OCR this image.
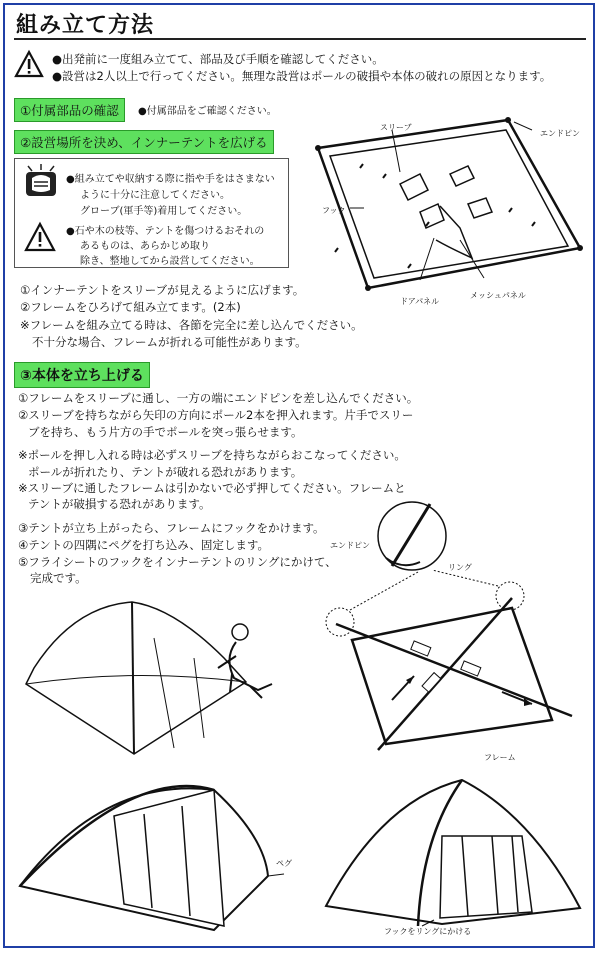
組み立て方法
●出発前に一度組み立てて、部品及び手順を確認してください。
●設営は2人以上で行ってください。無理な設営はポールの破損や本体の破れの原因となります。
①付属部品の確認	●付属部品をご確認ください。
②設営場所を決め、インナーテントを広げる
●組み立てや収納する際に指や手をはさまない
ように十分に注意してください。
グローブ(軍手等)着用してください。
●石や木の枝等、テントを傷つけるおそれの
あるものは、あらかじめ取り
除き、整地してから設営してください。
スリーブ
エンドピン
フック
ドアパネル
メッシュパネル
①インナーテントをスリーブが見えるように広げます。
②フレームをひろげて組み立てます。(2本)
※フレームを組み立てる時は、各節を完全に差し込んでください。
不十分な場合、フレームが折れる可能性があります。
③本体を立ち上げる
①フレームをスリーブに通し、一方の端にエンドピンを差し込んでください。
②スリーブを持ちながら矢印の方向にポール2本を押入れます。片手でスリー
ブを持ち、もう片方の手でポールを突っ張らせます。
※ポールを押し入れる時は必ずスリーブを持ちながらおこなってください。
ポールが折れたり、テントが破れる恐れがあります。
※スリーブに通したフレームは引かないで必ず押してください。フレームと
テントが破損する恐れがあります。
③テントが立ち上がったら、フレームにフックをかけます。
④テントの四隅にペグを打ち込み、固定します。
⑤フライシートのフックをインナーテントのリングにかけて、
完成です。
エンドピン
リング
フレーム
ペグ
フックをリングにかける
